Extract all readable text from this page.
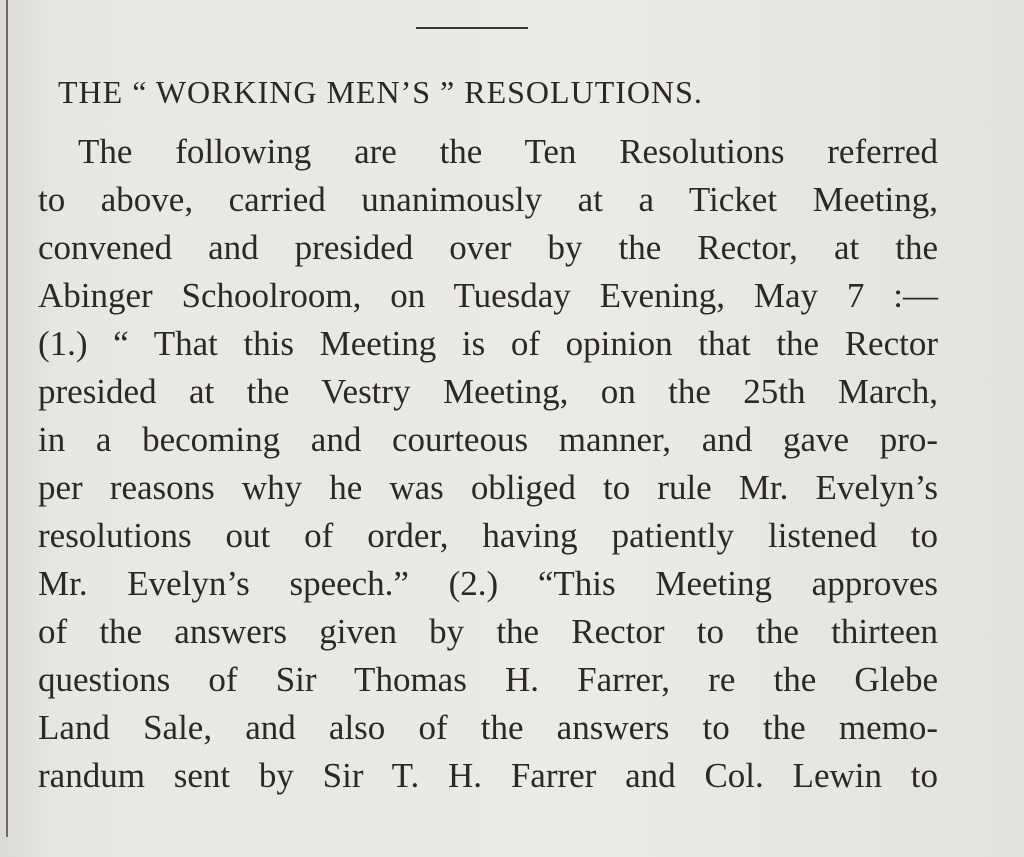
THE “ WORKING MEN’S ” RESOLUTIONS.
The following are the Ten Resolutions referred
to above, carried unanimously at a Ticket Meeting,
convened and presided over by the Rector, at the
Abinger Schoolroom, on Tuesday Evening, May 7 :—
(1.) “ That this Meeting is of opinion that the Rector
presided at the Vestry Meeting, on the 25th March,
in a becoming and courteous manner, and gave pro-
per reasons why he was obliged to rule Mr. Evelyn’s
resolutions out of order, having patiently listened to
Mr. Evelyn’s speech.” (2.) “This Meeting approves
of the answers given by the Rector to the thirteen
questions of Sir Thomas H. Farrer, re the Glebe
Land Sale, and also of the answers to the memo-
randum sent by Sir T. H. Farrer and Col. Lewin to
